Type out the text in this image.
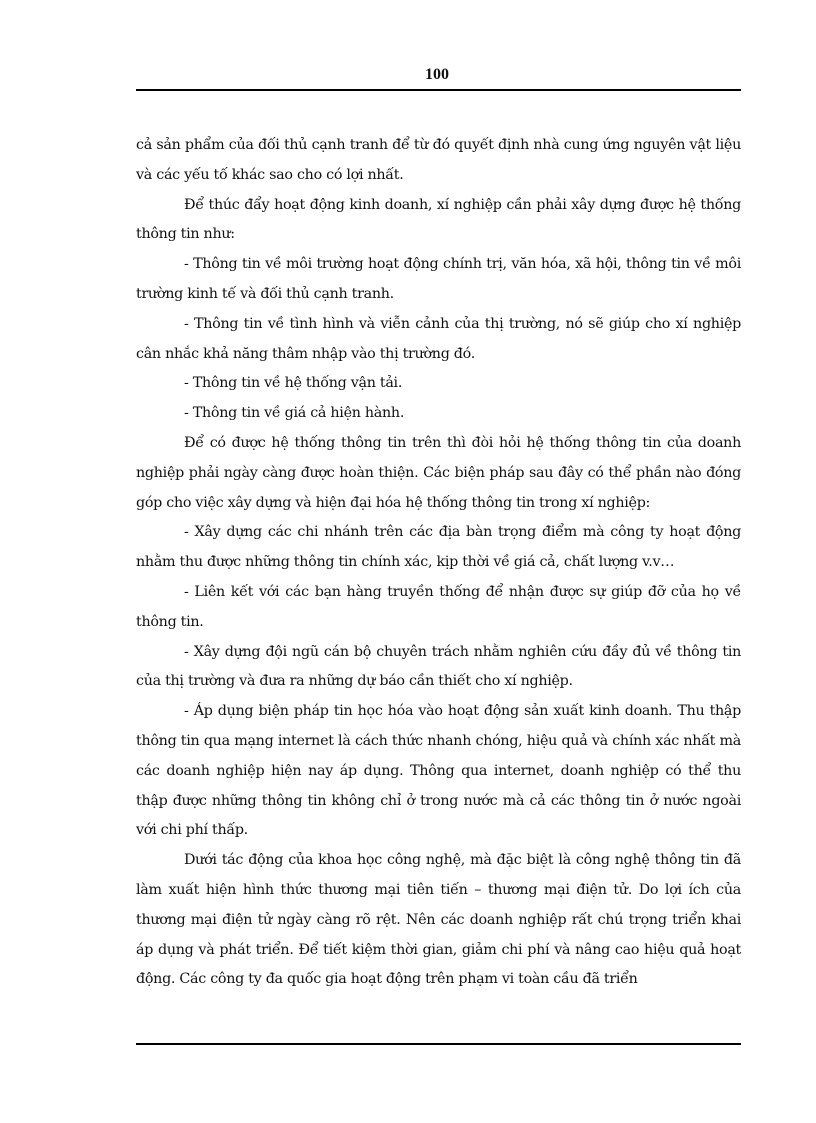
100

cả sản phẩm của đối thủ cạnh tranh để từ đó quyết định nhà cung ứng nguyên vật liệu và các yếu tố khác sao cho có lợi nhất.

Để thúc đẩy hoạt động kinh doanh, xí nghiệp cần phải xây dựng được hệ thống thông tin như:

- Thông tin về môi trường hoạt động chính trị, văn hóa, xã hội, thông tin về môi trường kinh tế và đối thủ cạnh tranh.

- Thông tin về tình hình và viễn cảnh của thị trường, nó sẽ giúp cho xí nghiệp cân nhắc khả năng thâm nhập vào thị trường đó.

- Thông tin về hệ thống vận tải.

- Thông tin về giá cả hiện hành.

Để có được hệ thống thông tin trên thì đòi hỏi hệ thống thông tin của doanh nghiệp phải ngày càng được hoàn thiện. Các biện pháp sau đây có thể phần nào đóng góp cho việc xây dựng và hiện đại hóa hệ thống thông tin trong xí nghiệp:

- Xây dựng các chi nhánh trên các địa bàn trọng điểm mà công ty hoạt động nhằm thu được những thông tin chính xác, kịp thời về giá cả, chất lượng v.v…

- Liên kết với các bạn hàng truyền thống để nhận được sự giúp đỡ của họ về thông tin.

- Xây dựng đội ngũ cán bộ chuyên trách nhằm nghiên cứu đầy đủ về thông tin của thị trường và đưa ra những dự báo cần thiết cho xí nghiệp.

- Áp dụng biện pháp tin học hóa vào hoạt động sản xuất kinh doanh. Thu thập thông tin qua mạng internet là cách thức nhanh chóng, hiệu quả và chính xác nhất mà các doanh nghiệp hiện nay áp dụng. Thông qua internet, doanh nghiệp có thể thu thập được những thông tin không chỉ ở trong nước mà cả các thông tin ở nước ngoài với chi phí thấp.

Dưới tác động của khoa học công nghệ, mà đặc biệt là công nghệ thông tin đã làm xuất hiện hình thức thương mại tiên tiến – thương mại điện tử. Do lợi ích của thương mại điện tử ngày càng rõ rệt. Nên các doanh nghiệp rất chú trọng triển khai áp dụng và phát triển. Để tiết kiệm thời gian, giảm chi phí và nâng cao hiệu quả hoạt động. Các công ty đa quốc gia hoạt động trên phạm vi toàn cầu đã triển
